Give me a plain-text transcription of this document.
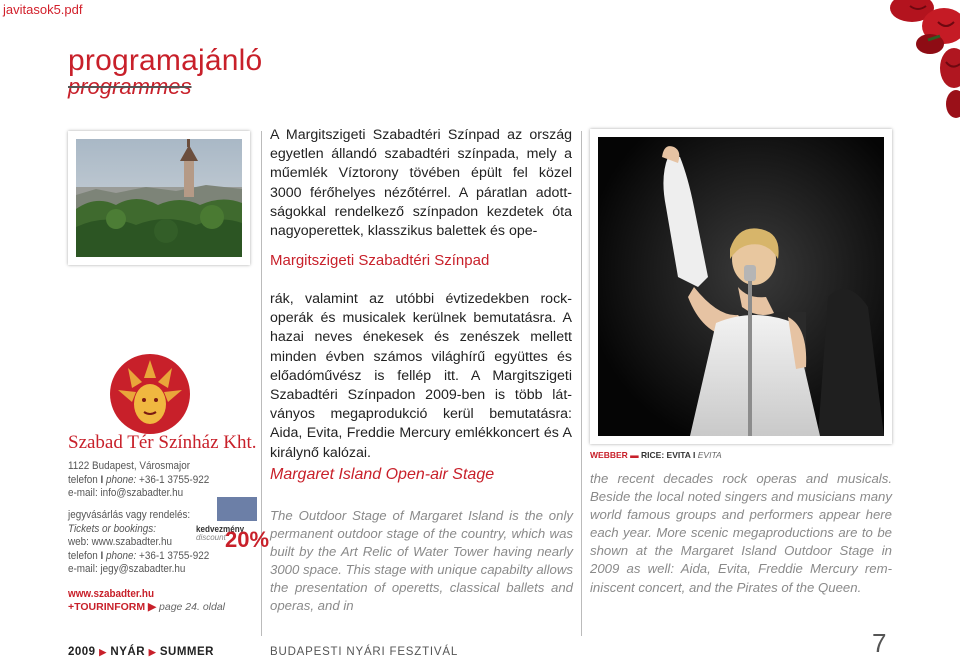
javitasok5.pdf
programajánló
programmes
A Margitszigeti Szabadtéri Színpad az ország egyetlen állandó szabadtéri színpada, mely a műemlék Víztorony tövében épült fel közel 3000 férőhelyes nézőtérrel. A páratlan adottságokkal rendelkező színpadon kezdetek óta nagyoperettek, klasszikus balettek és ope-
Margitszigeti Szabadtéri Színpad
rák, valamint az utóbbi évtizedekben rockoperák és musicalek kerülnek bemutatásra. A hazai neves énekesek és zenészek mellett minden évben számos világhírű együttes és előadóművész is fellép itt. A Margitszigeti Szabadtéri Színpadon 2009-ben is több látványos megaprodukció kerül bemutatásra: Aida, Evita, Freddie Mercury emlékkoncert és A királynő kalózai.
Margaret Island Open-air Stage
The Outdoor Stage of Margaret Island is the only permanent outdoor stage of the country, which was built by the Art Relic of Water Tower having nearly 3000 space. This stage with unique capabilty allows the presentation of operetts, classical ballets and operas, and in
WEBBER ▬ RICE: EVITA I EVITA
the recent decades rock operas and musicals. Beside the local noted singers and musicians many world famous groups and performers appear here each year. More scenic megaproductions are to be shown at the Margaret Island Outdoor Stage in 2009 as well: Aida, Evita, Freddie Mercury reminiscent concert, and the Pirates of the Queen.
Szabad Tér Színház Kht.
1122 Budapest, Városmajor
telefon I phone: +36-1 3755-922
e-mail: info@szabadter.hu
jegyvásárlás vagy rendelés:
Tickets or bookings:
web: www.szabadter.hu
telefon I phone: +36-1 3755-922
e-mail: jegy@szabadter.hu
kedvezmény
discount 20%
www.szabadter.hu
+TOURINFORM ▶ page 24. oldal
2009 ▶ NYÁR ▶ SUMMER	BUDAPESTI NYÁRI FESZTIVÁL	7
